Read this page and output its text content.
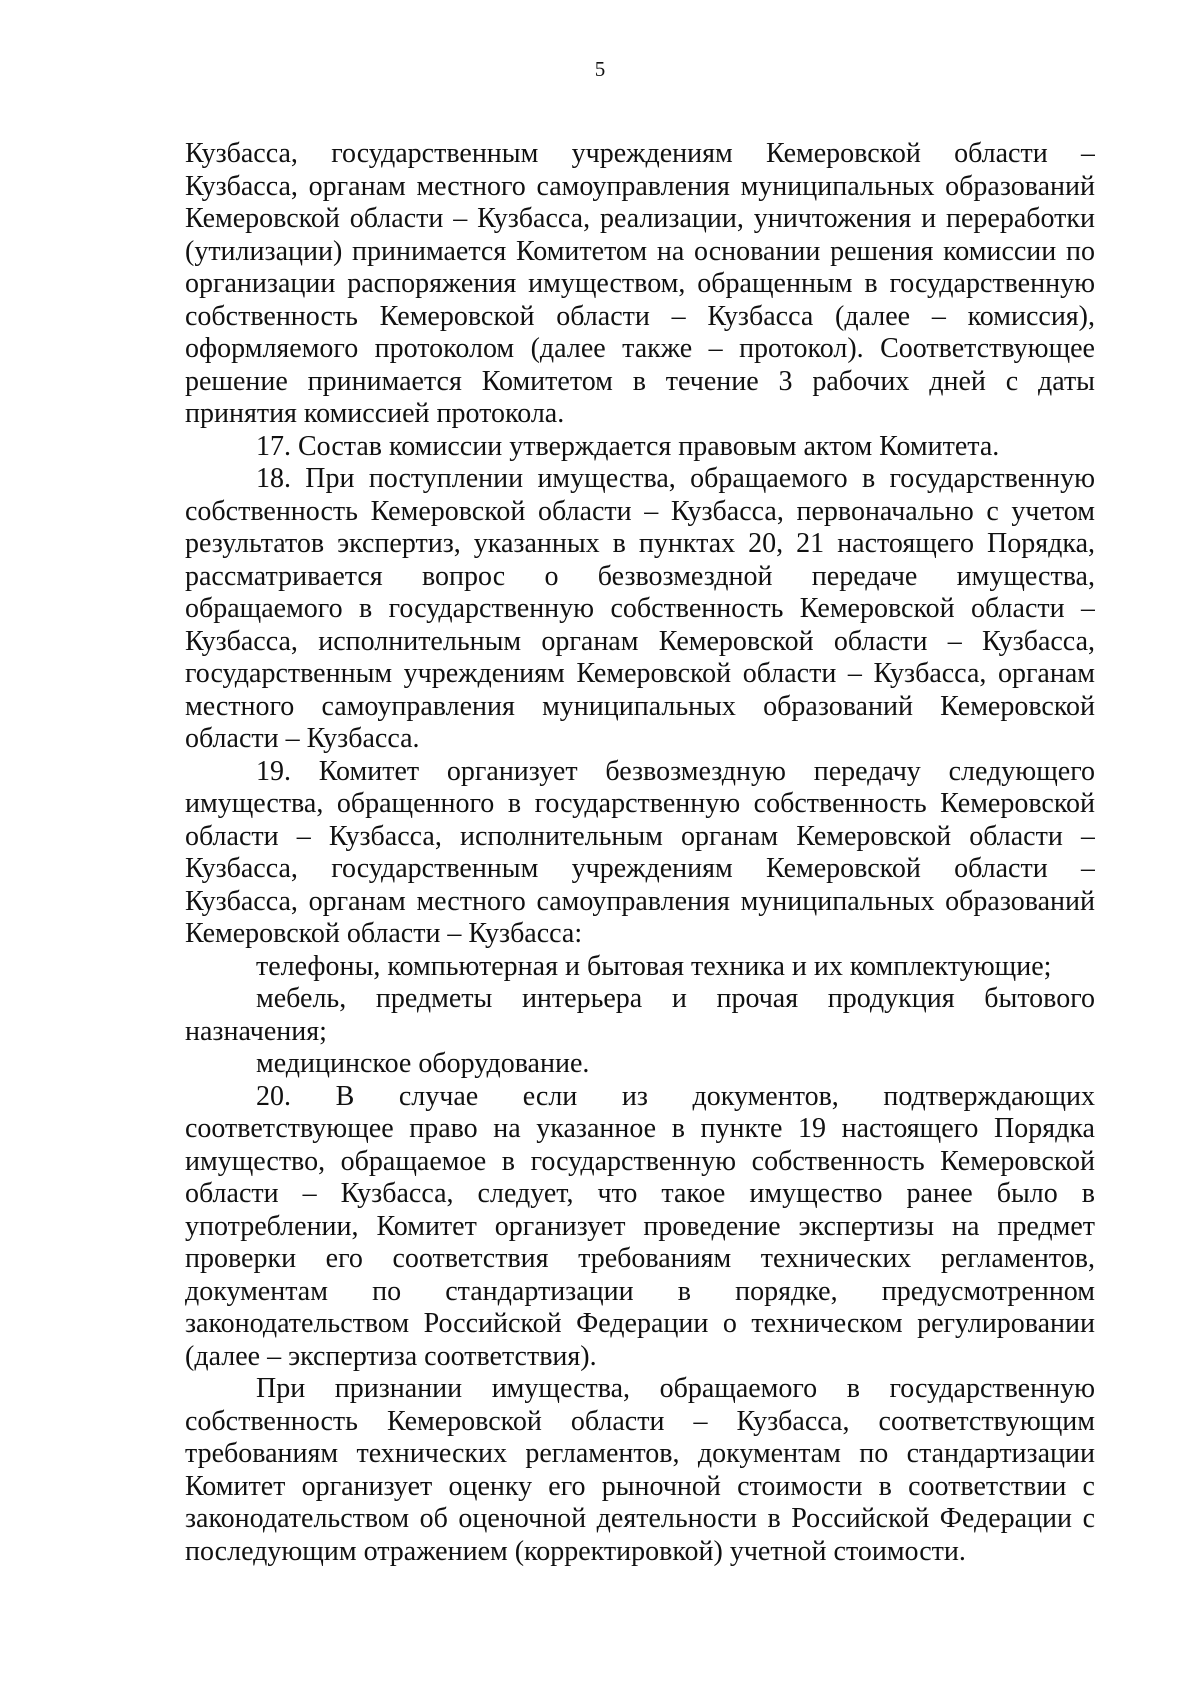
5
Кузбасса, государственным учреждениям Кемеровской области –
Кузбасса, органам местного самоуправления муниципальных образований
Кемеровской области – Кузбасса, реализации, уничтожения и переработки
(утилизации) принимается Комитетом на основании решения комиссии по
организации распоряжения имуществом, обращенным в государственную
собственность Кемеровской области – Кузбасса (далее – комиссия),
оформляемого протоколом (далее также – протокол). Соответствующее
решение принимается Комитетом в течение 3 рабочих дней с даты
принятия комиссией протокола.
17. Состав комиссии утверждается правовым актом Комитета.
18. При поступлении имущества, обращаемого в государственную
собственность Кемеровской области – Кузбасса, первоначально с учетом
результатов экспертиз, указанных в пунктах 20, 21 настоящего Порядка,
рассматривается вопрос о безвозмездной передаче имущества,
обращаемого в государственную собственность Кемеровской области –
Кузбасса, исполнительным органам Кемеровской области – Кузбасса,
государственным учреждениям Кемеровской области – Кузбасса, органам
местного самоуправления муниципальных образований Кемеровской
области – Кузбасса.
19. Комитет организует безвозмездную передачу следующего
имущества, обращенного в государственную собственность Кемеровской
области – Кузбасса, исполнительным органам Кемеровской области –
Кузбасса, государственным учреждениям Кемеровской области –
Кузбасса, органам местного самоуправления муниципальных образований
Кемеровской области – Кузбасса:
телефоны, компьютерная и бытовая техника и их комплектующие;
мебель, предметы интерьера и прочая продукция бытового
назначения;
медицинское оборудование.
20. В случае если из документов, подтверждающих
соответствующее право на указанное в пункте 19 настоящего Порядка
имущество, обращаемое в государственную собственность Кемеровской
области – Кузбасса, следует, что такое имущество ранее было в
употреблении, Комитет организует проведение экспертизы на предмет
проверки его соответствия требованиям технических регламентов,
документам по стандартизации в порядке, предусмотренном
законодательством Российской Федерации о техническом регулировании
(далее – экспертиза соответствия).
При признании имущества, обращаемого в государственную
собственность Кемеровской области – Кузбасса, соответствующим
требованиям технических регламентов, документам по стандартизации
Комитет организует оценку его рыночной стоимости в соответствии с
законодательством об оценочной деятельности в Российской Федерации с
последующим отражением (корректировкой) учетной стоимости.
